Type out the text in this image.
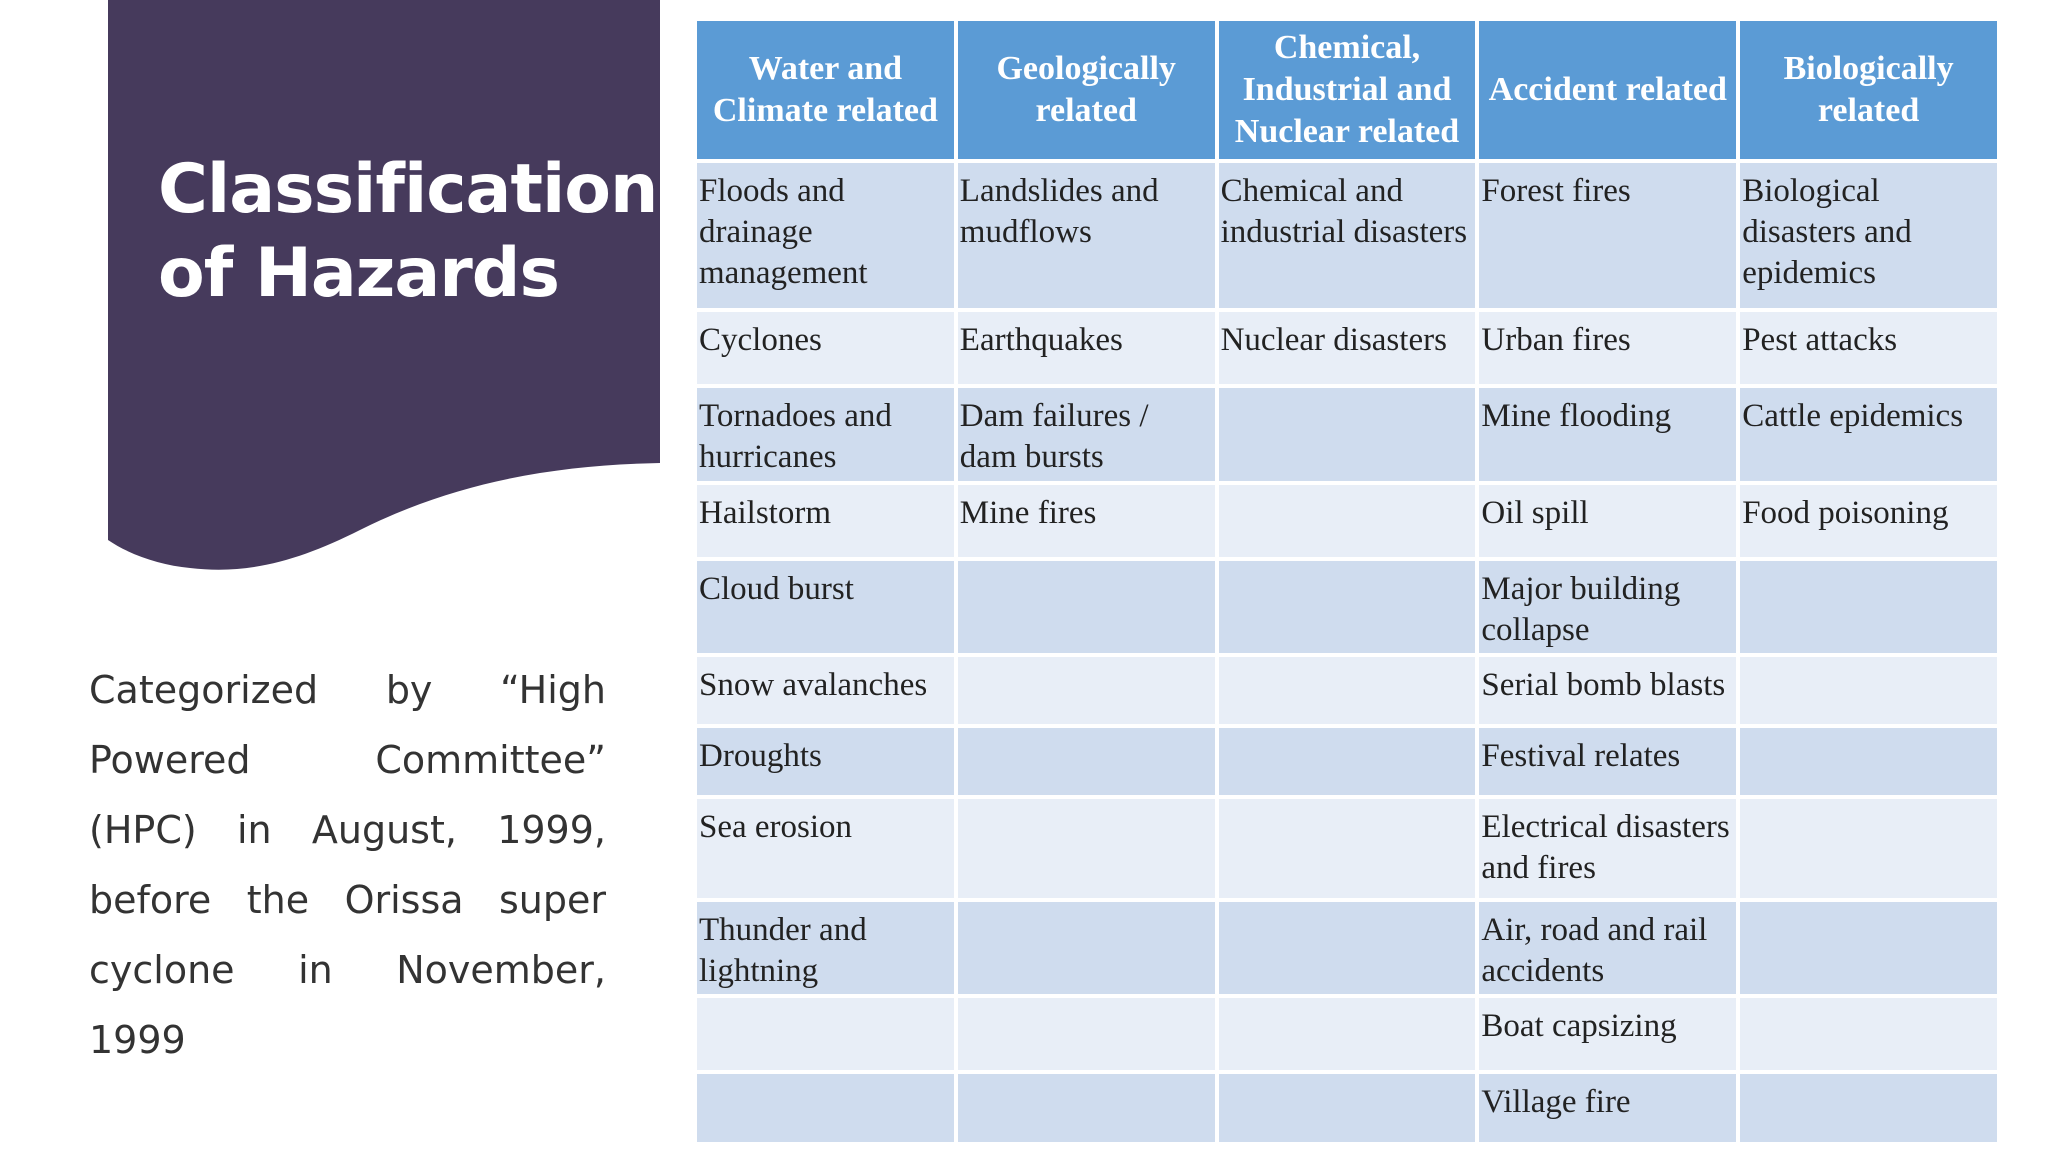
Classification
of Hazards

Categorized by “High Powered Committee” (HPC) in August, 1999, before the Orissa super cyclone in November, 1999

Water and Climate related	Geologically related	Chemical, Industrial and Nuclear related	Accident related	Biologically related
Floods and drainage management	Landslides and mudflows	Chemical and industrial disasters	Forest fires	Biological disasters and epidemics
Cyclones	Earthquakes	Nuclear disasters	Urban fires	Pest attacks
Tornadoes and hurricanes	Dam failures / dam bursts		Mine flooding	Cattle epidemics
Hailstorm	Mine fires		Oil spill	Food poisoning
Cloud burst			Major building collapse	
Snow avalanches			Serial bomb blasts	
Droughts			Festival relates	
Sea erosion			Electrical disasters and fires	
Thunder and lightning			Air, road and rail accidents	
			Boat capsizing	
			Village fire	
